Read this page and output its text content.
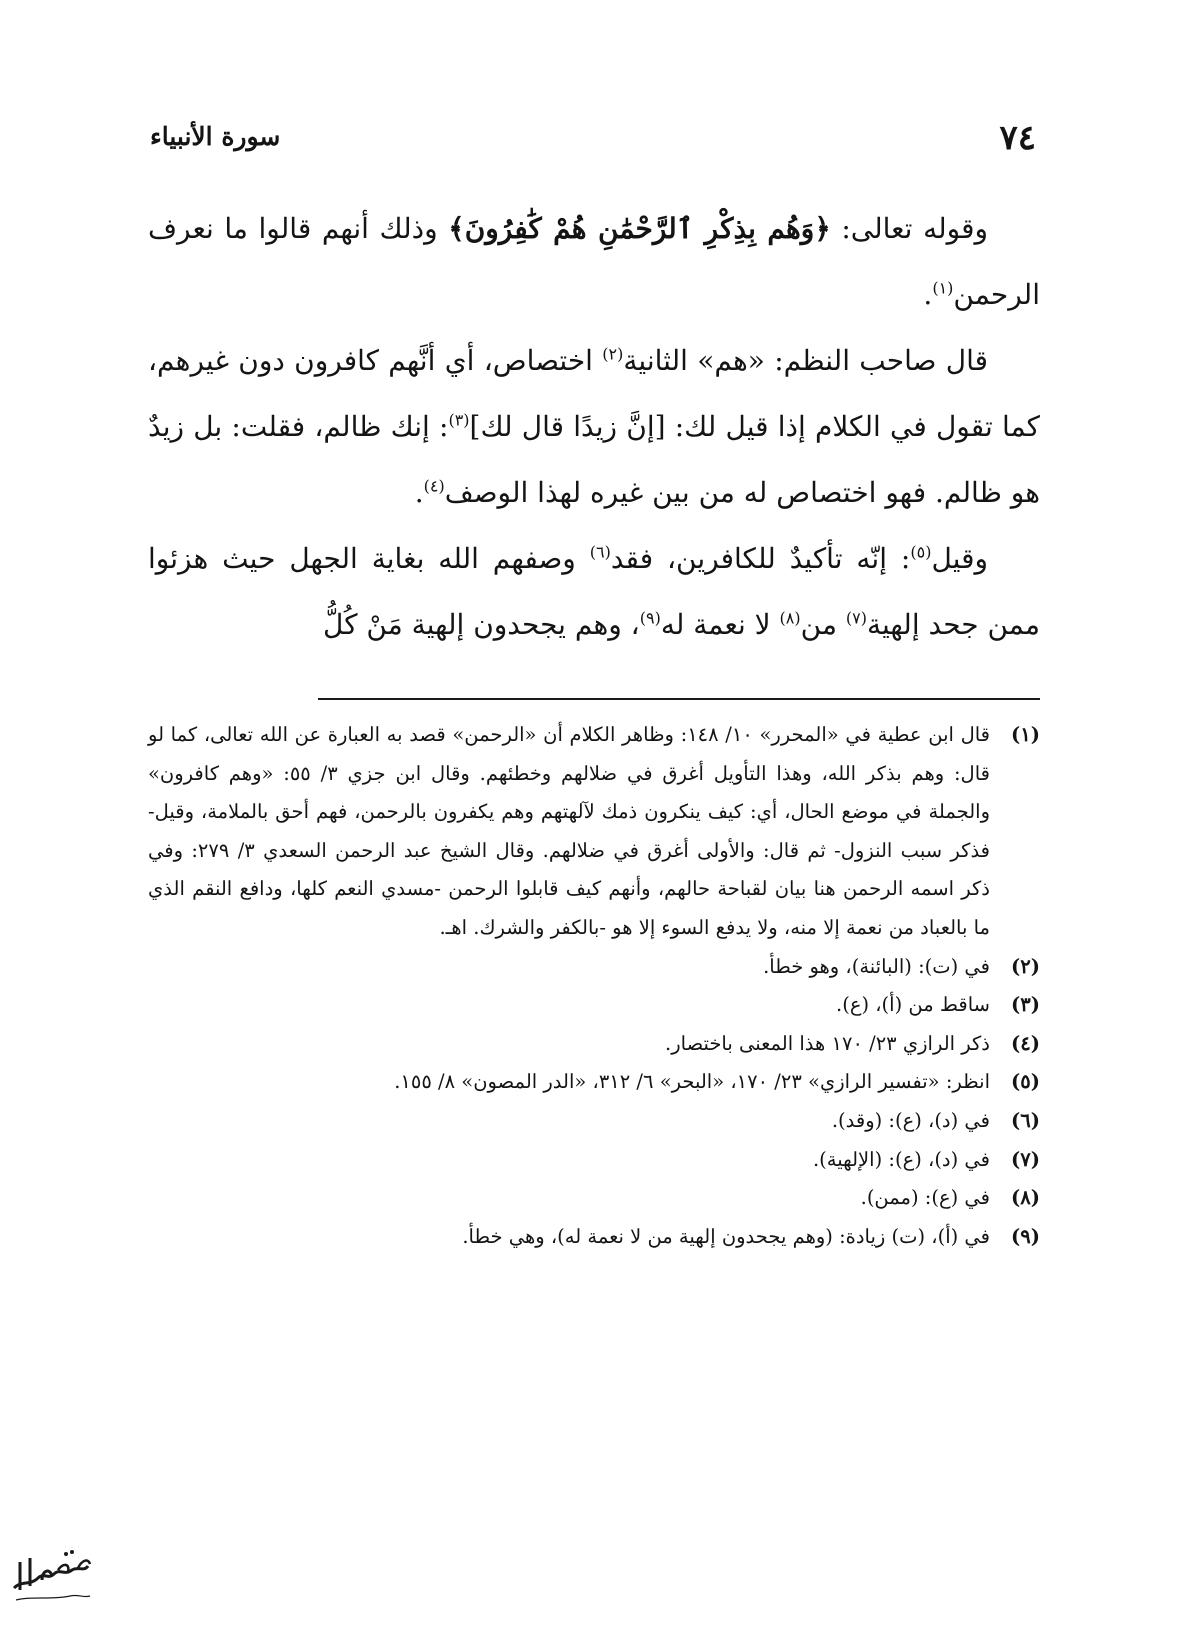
٧٤
سورة الأنبياء

وقوله تعالى: ﴿وَهُم بِذِكْرِ ٱلرَّحْمَٰنِ هُمْ كَٰفِرُونَ﴾ وذلك أنهم قالوا ما نعرف الرحمن$^{(١)}$.

قال صاحب النظم: «هم» الثانية$^{(٢)}$ اختصاص، أي أنَّهم كافرون دون غيرهم، كما تقول في الكلام إذا قيل لك: [إنَّ زيدًا قال لك]$^{(٣)}$: إنك ظالم، فقلت: بل زيدٌ هو ظالم. فهو اختصاص له من بين غيره لهذا الوصف$^{(٤)}$.

وقيل$^{(٥)}$: إنّه تأكيدٌ للكافرين، فقد$^{(٦)}$ وصفهم الله بغاية الجهل حيث هزئوا ممن جحد إلهية$^{(٧)}$ من$^{(٨)}$ لا نعمة له$^{(٩)}$، وهم يجحدون إلهية مَنْ كُلُّ

(١)
قال ابن عطية في «المحرر» ١٠/ ١٤٨: وظاهر الكلام أن «الرحمن» قصد به العبارة عن الله تعالى، كما لو قال: وهم بذكر الله، وهذا التأويل أغرق في ضلالهم وخطئهم. وقال ابن جزي ٣/ ٥٥: «وهم كافرون» والجملة في موضع الحال، أي: كيف ينكرون ذمك لآلهتهم وهم يكفرون بالرحمن، فهم أحق بالملامة، وقيل- فذكر سبب النزول- ثم قال: والأولى أغرق في ضلالهم. وقال الشيخ عبد الرحمن السعدي ٣/ ٢٧٩: وفي ذكر اسمه الرحمن هنا بيان لقباحة حالهم، وأنهم كيف قابلوا الرحمن -مسدي النعم كلها، ودافع النقم الذي ما بالعباد من نعمة إلا منه، ولا يدفع السوء إلا هو -بالكفر والشرك. اهـ.
(٢)
في (ت): (البائنة)، وهو خطأ.
(٣)
ساقط من (أ)، (ع).
(٤)
ذكر الرازي ٢٣/ ١٧٠ هذا المعنى باختصار.
(٥)
انظر: «تفسير الرازي» ٢٣/ ١٧٠، «البحر» ٦/ ٣١٢، «الدر المصون» ٨/ ١٥٥.
(٦)
في (د)، (ع): (وقد).
(٧)
في (د)، (ع): (الإلهية).
(٨)
في (ع): (ممن).
(٩)
في (أ)، (ت) زيادة: (وهم يجحدون إلهية من لا نعمة له)، وهي خطأ.
